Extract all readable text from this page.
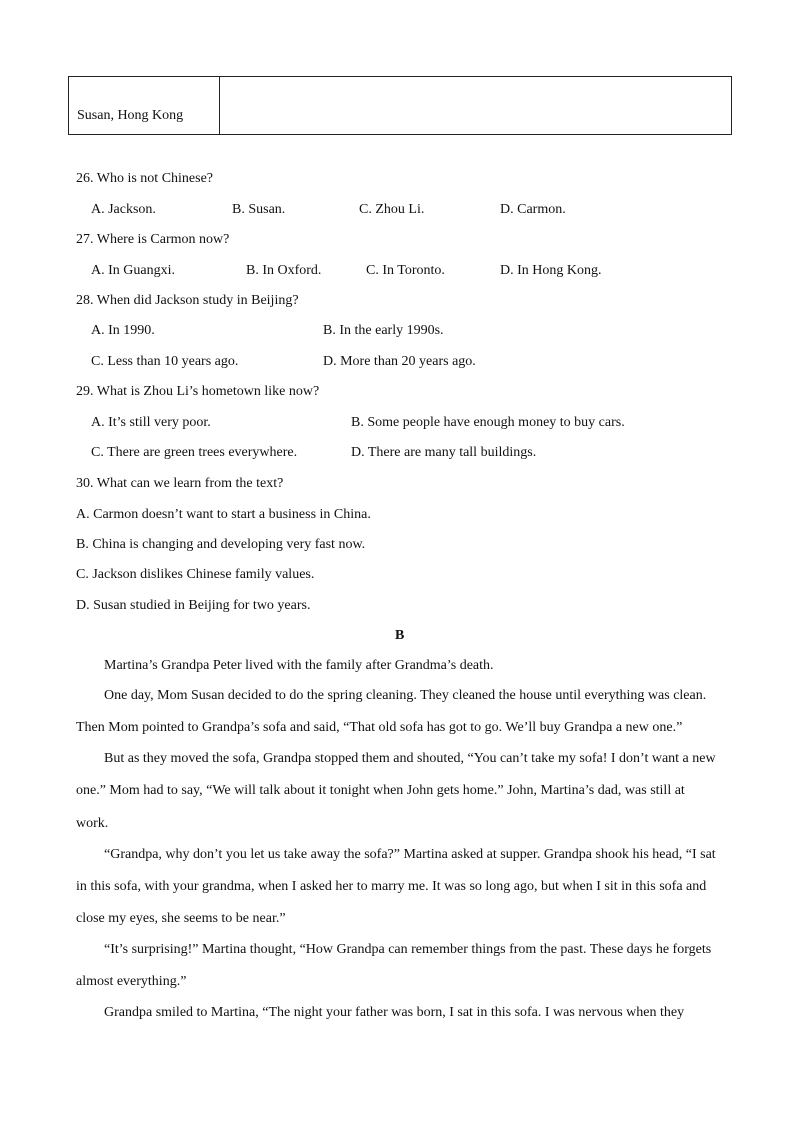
Susan, Hong Kong
26. Who is not Chinese?
A. Jackson.	B. Susan.	C. Zhou Li.	D. Carmon.
27. Where is Carmon now?
A. In Guangxi.	B. In Oxford.	C. In Toronto.	D. In Hong Kong.
28. When did Jackson study in Beijing?
A. In 1990.	B. In the early 1990s.
C. Less than 10 years ago.	D. More than 20 years ago.
29. What is Zhou Li’s hometown like now?
A. It’s still very poor.	B. Some people have enough money to buy cars.
C. There are green trees everywhere.	D. There are many tall buildings.
30. What can we learn from the text?
A. Carmon doesn’t want to start a business in China.
B. China is changing and developing very fast now.
C. Jackson dislikes Chinese family values.
D. Susan studied in Beijing for two years.
B
Martina’s Grandpa Peter lived with the family after Grandma’s death.
One day, Mom Susan decided to do the spring cleaning. They cleaned the house until everything was clean.
Then Mom pointed to Grandpa’s sofa and said, “That old sofa has got to go. We’ll buy Grandpa a new one.”
But as they moved the sofa, Grandpa stopped them and shouted, “You can’t take my sofa! I don’t want a new
one.” Mom had to say, “We will talk about it tonight when John gets home.” John, Martina’s dad, was still at
work.
“Grandpa, why don’t you let us take away the sofa?” Martina asked at supper. Grandpa shook his head, “I sat
in this sofa, with your grandma, when I asked her to marry me. It was so long ago, but when I sit in this sofa and
close my eyes, she seems to be near.”
“It’s surprising!” Martina thought, “How Grandpa can remember things from the past. These days he forgets
almost everything.”
Grandpa smiled to Martina, “The night your father was born, I sat in this sofa. I was nervous when they
